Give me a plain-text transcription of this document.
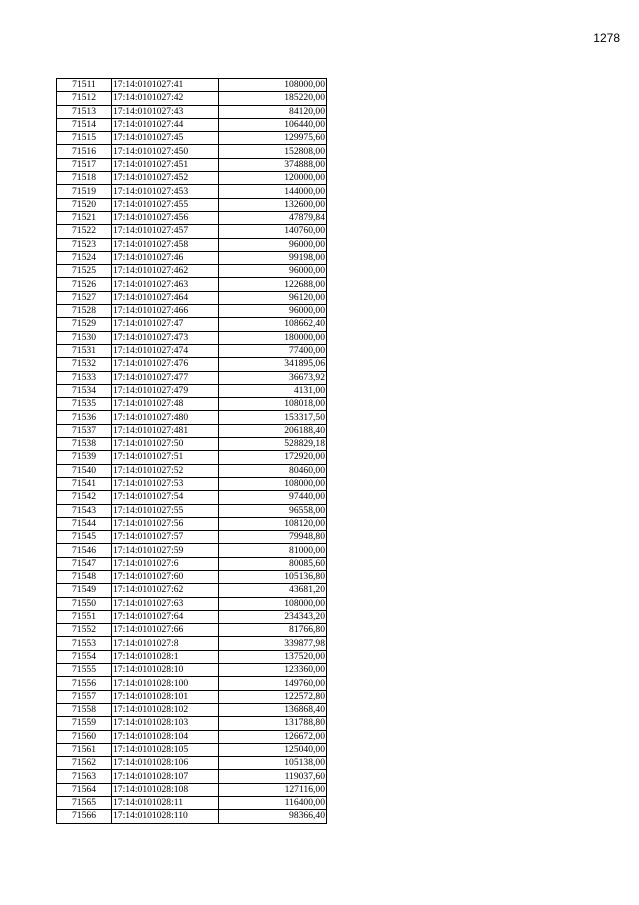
1278
71511	17:14:0101027:41	108000,00
71512	17:14:0101027:42	185220,00
71513	17:14:0101027:43	84120,00
71514	17:14:0101027:44	106440,00
71515	17:14:0101027:45	129975,60
71516	17:14:0101027:450	152808,00
71517	17:14:0101027:451	374888,00
71518	17:14:0101027:452	120000,00
71519	17:14:0101027:453	144000,00
71520	17:14:0101027:455	132600,00
71521	17:14:0101027:456	47879,84
71522	17:14:0101027:457	140760,00
71523	17:14:0101027:458	96000,00
71524	17:14:0101027:46	99198,00
71525	17:14:0101027:462	96000,00
71526	17:14:0101027:463	122688,00
71527	17:14:0101027:464	96120,00
71528	17:14:0101027:466	96000,00
71529	17:14:0101027:47	108662,40
71530	17:14:0101027:473	180000,00
71531	17:14:0101027:474	77400,00
71532	17:14:0101027:476	341895,06
71533	17:14:0101027:477	36673,92
71534	17:14:0101027:479	4131,00
71535	17:14:0101027:48	108018,00
71536	17:14:0101027:480	153317,50
71537	17:14:0101027:481	206188,40
71538	17:14:0101027:50	528829,18
71539	17:14:0101027:51	172920,00
71540	17:14:0101027:52	80460,00
71541	17:14:0101027:53	108000,00
71542	17:14:0101027:54	97440,00
71543	17:14:0101027:55	96558,00
71544	17:14:0101027:56	108120,00
71545	17:14:0101027:57	79948,80
71546	17:14:0101027:59	81000,00
71547	17:14:0101027:6	80085,60
71548	17:14:0101027:60	105136,80
71549	17:14:0101027:62	43681,20
71550	17:14:0101027:63	108000,00
71551	17:14:0101027:64	234343,20
71552	17:14:0101027:66	81766,80
71553	17:14:0101027:8	339877,98
71554	17:14:0101028:1	137520,00
71555	17:14:0101028:10	123360,00
71556	17:14:0101028:100	149760,00
71557	17:14:0101028:101	122572,80
71558	17:14:0101028:102	136868,40
71559	17:14:0101028:103	131788,80
71560	17:14:0101028:104	126672,00
71561	17:14:0101028:105	125040,00
71562	17:14:0101028:106	105138,00
71563	17:14:0101028:107	119037,60
71564	17:14:0101028:108	127116,00
71565	17:14:0101028:11	116400,00
71566	17:14:0101028:110	98366,40
